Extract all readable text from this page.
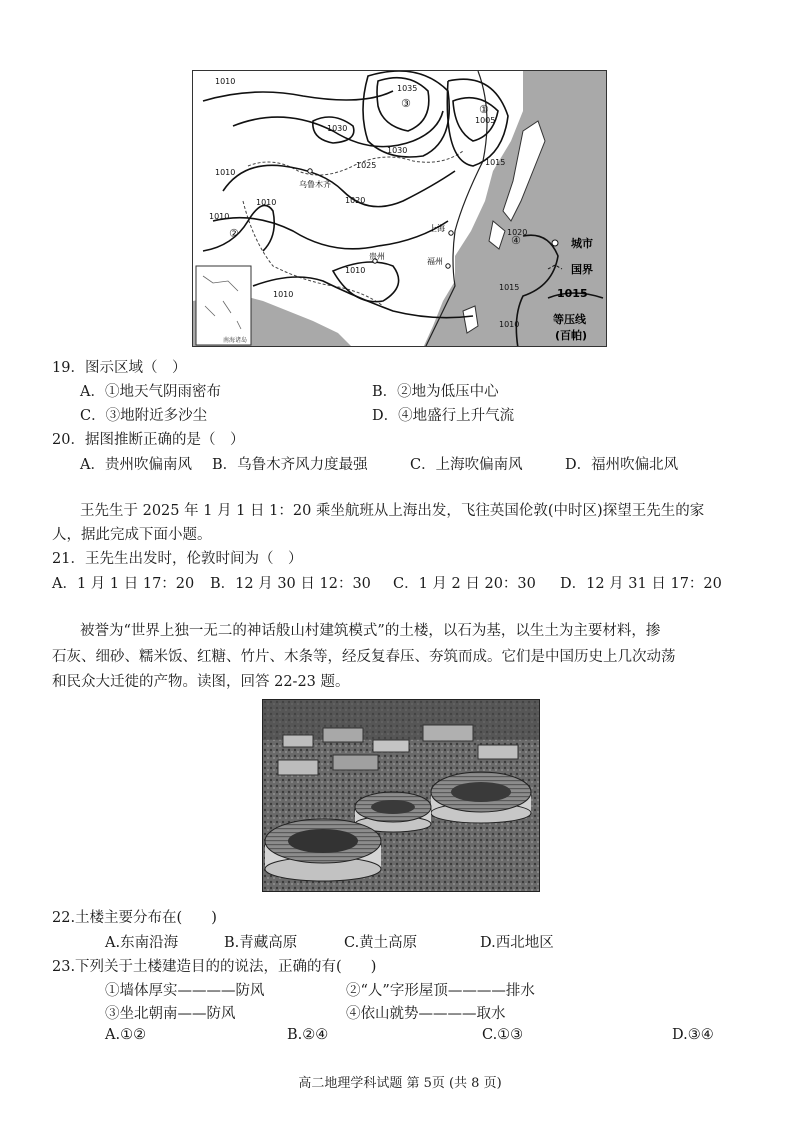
1010
1035
1005
1030
1030
1025	1015
1010
1020
1010
1010
1010
1020
1015
1010
1010
③
②
④
①
乌鲁木齐
上海
贵州
福州
南海诸岛
城市
国界
1015
等压线
(百帕)
19．图示区域（　）
A．①地天气阴雨密布	B．②地为低压中心
C．③地附近多沙尘	D．④地盛行上升气流
20．据图推断正确的是（　）
A．贵州吹偏南风 B．乌鲁木齐风力度最强	C．上海吹偏南风	D．福州吹偏北风
王先生于 2025 年 1 月 1 日 1：20 乘坐航班从上海出发，飞往英国伦敦(中时区)探望王先生的家
人，据此完成下面小题。
21．王先生出发时，伦敦时间为（　）
A．1 月 1 日 17：20 B．12 月 30 日 12：30 C．1 月 2 日 20：30 D．12 月 31 日 17：20
被誉为“世界上独一无二的神话般山村建筑模式”的土楼，以石为基，以生土为主要材料，掺
石灰、细砂、糯米饭、红糖、竹片、木条等，经反复春压、夯筑而成。它们是中国历史上几次动荡
和民众大迁徙的产物。读图，回答 22-23 题。
22.土楼主要分布在(　　)
A.东南沿海	B.青藏高原	C.黄土高原	D.西北地区
23.下列关于土楼建造目的的说法，正确的有(　　)
①墙体厚实————防风	②“人”字形屋顶————排水
③坐北朝南——防风	④依山就势————取水
A.①②	B.②④	C.①③	D.③④
高二地理学科试题 第 5页 (共 8 页)
